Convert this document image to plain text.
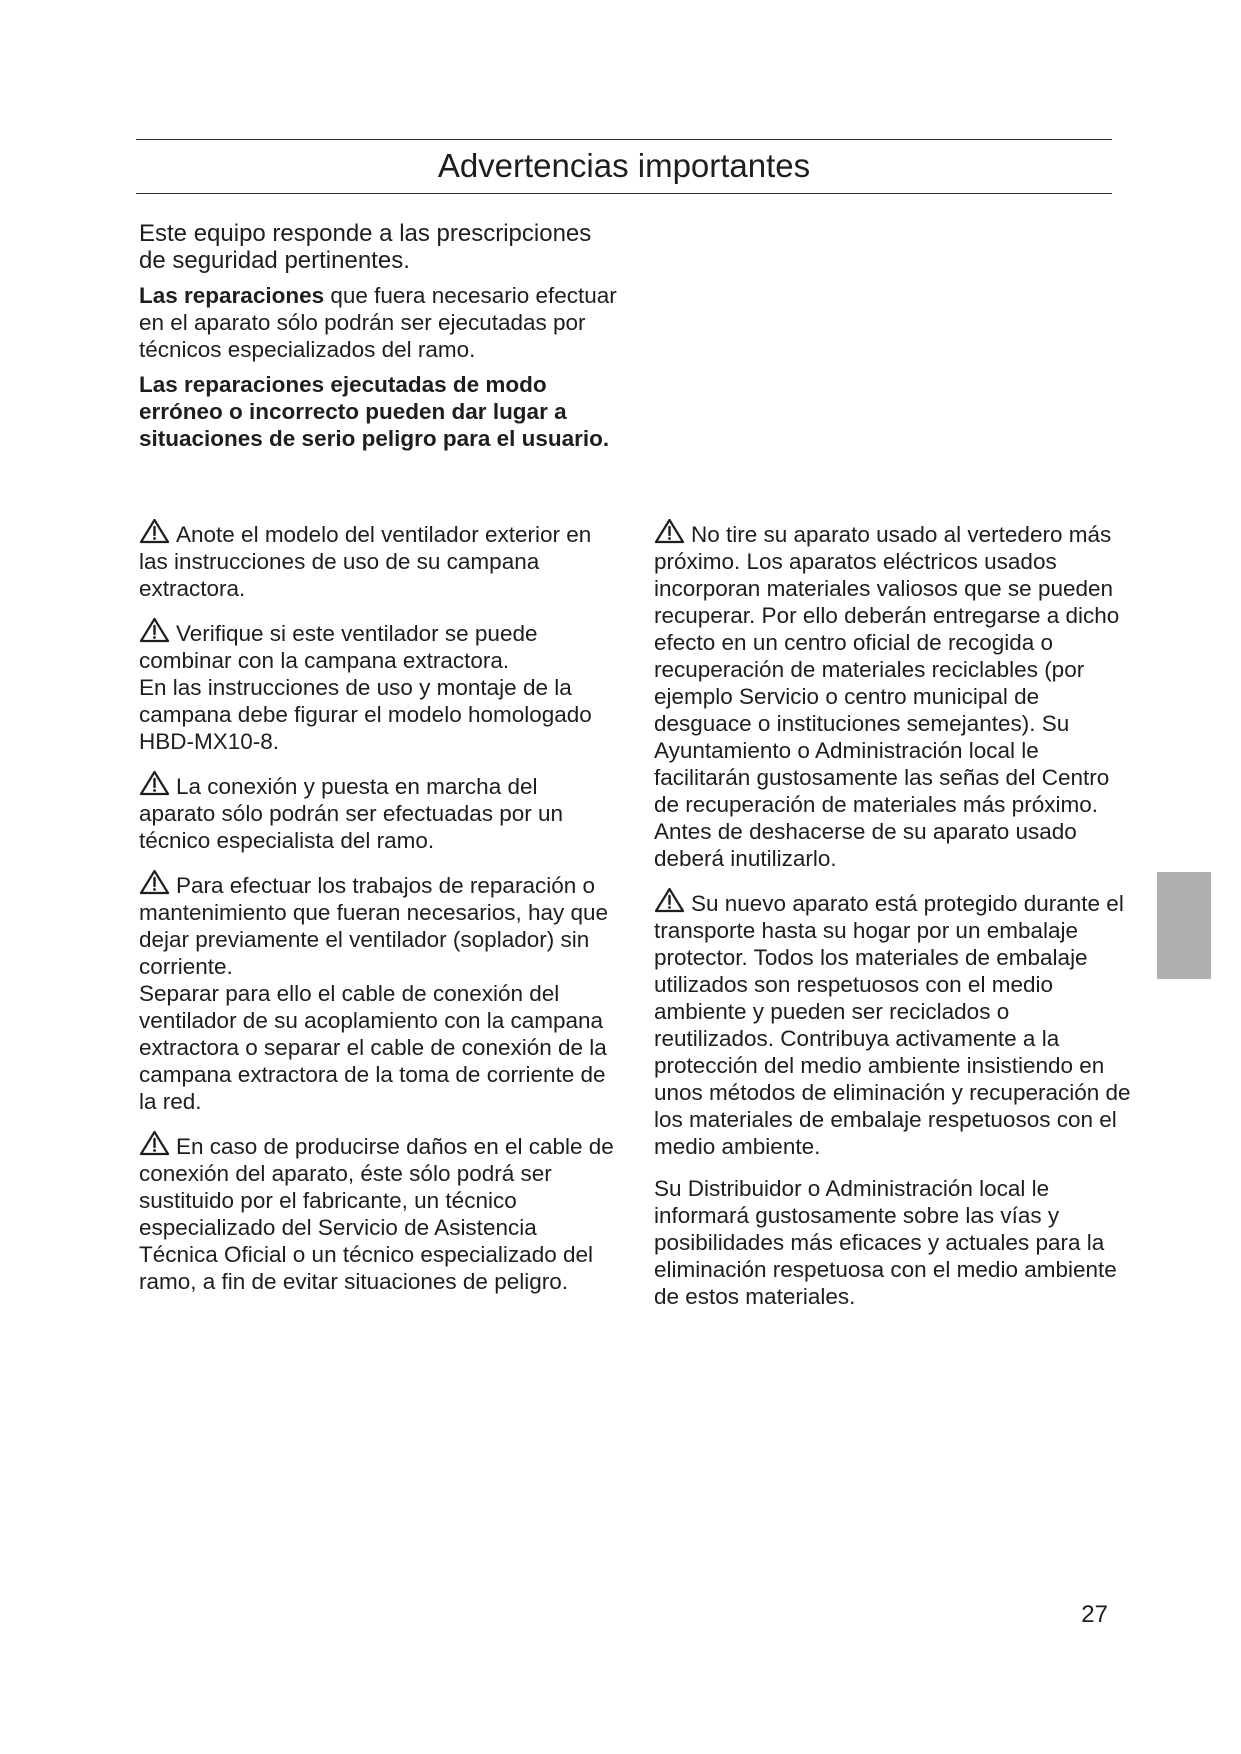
Advertencias importantes

Este equipo responde a las prescripciones de seguridad pertinentes.

Las reparaciones que fuera necesario efectuar en el aparato sólo podrán ser ejecutadas por técnicos especializados del ramo.

Las reparaciones ejecutadas de modo erróneo o incorrecto pueden dar lugar a situaciones de serio peligro para el usuario.

Anote el modelo del ventilador exterior en las instrucciones de uso de su campana extractora.

Verifique si este ventilador se puede combinar con la campana extractora.

En las instrucciones de uso y montaje de la campana debe figurar el modelo homologado HBD-MX10-8.

La conexión y puesta en marcha del aparato sólo podrán ser efectuadas por un técnico especialista del ramo.

Para efectuar los trabajos de reparación o mantenimiento que fueran necesarios, hay que dejar previamente el ventilador (soplador) sin corriente.

Separar para ello el cable de conexión del ventilador de su acoplamiento con la campana extractora o separar el cable de conexión de la campana extractora de la toma de corriente de la red.

En caso de producirse daños en el cable de conexión del aparato, éste sólo podrá ser sustituido por el fabricante, un técnico especializado del Servicio de Asistencia Técnica Oficial o un técnico especializado del ramo, a fin de evitar situaciones de peligro.

No tire su aparato usado al vertedero más próximo. Los aparatos eléctricos usados incorporan materiales valiosos que se pueden recuperar. Por ello deberán entregarse a dicho efecto en un centro oficial de recogida o recuperación de materiales reciclables (por ejemplo Servicio o centro municipal de desguace o instituciones semejantes). Su Ayuntamiento o Administración local le facilitarán gustosamente las señas del Centro de recuperación de materiales más próximo. Antes de deshacerse de su aparato usado deberá inutilizarlo.

Su nuevo aparato está protegido durante el transporte hasta su hogar por un embalaje protector. Todos los materiales de embalaje utilizados son respetuosos con el medio ambiente y pueden ser reciclados o reutilizados. Contribuya activamente a la protección del medio ambiente insistiendo en unos métodos de eliminación y recuperación de los materiales de embalaje respetuosos con el medio ambiente.

Su Distribuidor o Administración local le informará gustosamente sobre las vías y posibilidades más eficaces y actuales para la eliminación respetuosa con el medio ambiente de estos materiales.

27
